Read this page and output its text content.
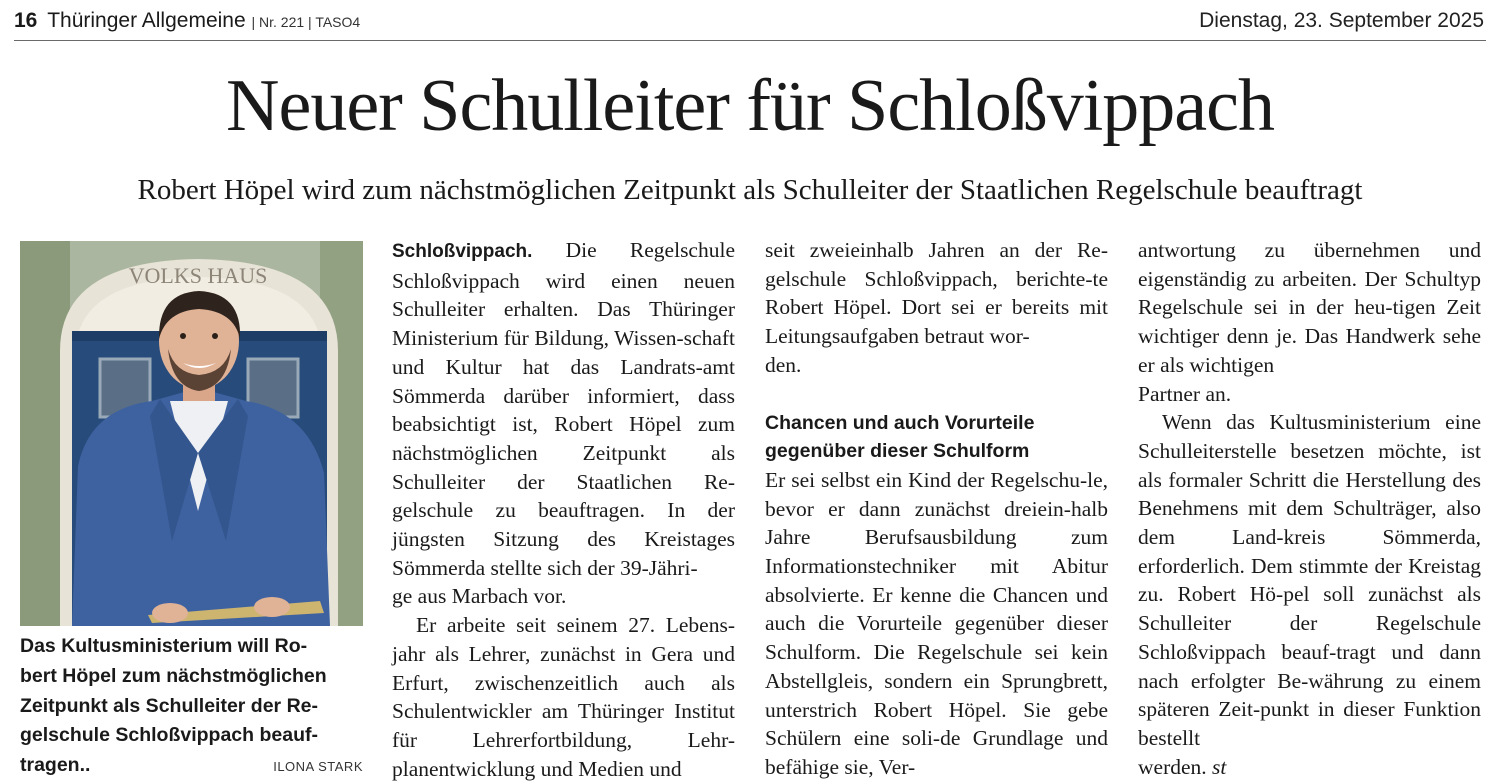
16 Thüringer Allgemeine | Nr. 221 | TASO4	Dienstag, 23. September 2025
Neuer Schulleiter für Schloßvippach
Robert Höpel wird zum nächstmöglichen Zeitpunkt als Schulleiter der Staatlichen Regelschule beauftragt
VOLKS HAUS
Das Kultusministerium will Ro-
bert Höpel zum nächstmöglichen
Zeitpunkt als Schulleiter der Re-
gelschule Schloßvippach beauf-
tragen..	ILONA STARK

Schloßvippach. Die Regelschule Schloßvippach wird einen neuen Schulleiter erhalten. Das Thüringer Ministerium für Bildung, Wissen-schaft und Kultur hat das Landrats-amt Sömmerda darüber informiert, dass beabsichtigt ist, Robert Höpel zum nächstmöglichen Zeitpunkt als Schulleiter der Staatlichen Re-gelschule zu beauftragen. In der jüngsten Sitzung des Kreistages Sömmerda stellte sich der 39-Jähri-

ge aus Marbach vor.

Er arbeite seit seinem 27. Lebens-jahr als Lehrer, zunächst in Gera und Erfurt, zwischenzeitlich auch als Schulentwickler am Thüringer Institut für Lehrerfortbildung, Lehr-planentwicklung und Medien und

seit zweieinhalb Jahren an der Re-gelschule Schloßvippach, berichte-te Robert Höpel. Dort sei er bereits mit Leitungsaufgaben betraut wor-

den.

Chancen und auch Vorurteile
gegenüber dieser Schulform

Er sei selbst ein Kind der Regelschu-le, bevor er dann zunächst dreiein-halb Jahre Berufsausbildung zum Informationstechniker mit Abitur absolvierte. Er kenne die Chancen und auch die Vorurteile gegenüber dieser Schulform. Die Regelschule sei kein Abstellgleis, sondern ein Sprungbrett, unterstrich Robert Höpel. Sie gebe Schülern eine soli-de Grundlage und befähige sie, Ver-

antwortung zu übernehmen und eigenständig zu arbeiten. Der Schultyp Regelschule sei in der heu-tigen Zeit wichtiger denn je. Das Handwerk sehe er als wichtigen

Partner an.

Wenn das Kultusministerium eine Schulleiterstelle besetzen möchte, ist als formaler Schritt die Herstellung des Benehmens mit dem Schulträger, also dem Land-kreis Sömmerda, erforderlich. Dem stimmte der Kreistag zu. Robert Hö-pel soll zunächst als Schulleiter der Regelschule Schloßvippach beauf-tragt und dann nach erfolgter Be-währung zu einem späteren Zeit-punkt in dieser Funktion bestellt

werden. st
